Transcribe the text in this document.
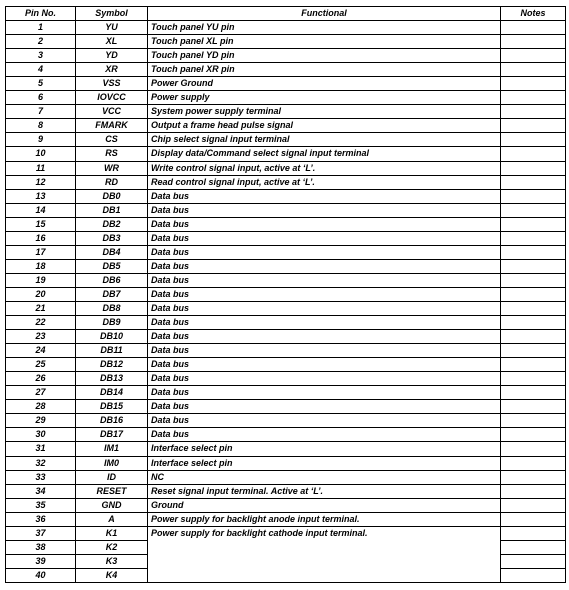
Pin No.	Symbol	Functional	Notes
1	YU	Touch panel YU pin	
2	XL	Touch panel XL pin	
3	YD	Touch panel YD pin	
4	XR	Touch panel XR pin	
5	VSS	Power Ground	
6	IOVCC	Power supply	
7	VCC	System power supply terminal	
8	FMARK	Output a frame head pulse signal	
9	CS	Chip select signal input terminal	
10	RS	Display data/Command select signal input terminal	
11	WR	Write control signal input, active at ‘L’.	
12	RD	Read control signal input, active at ‘L’.	
13	DB0	Data bus	
14	DB1	Data bus	
15	DB2	Data bus	
16	DB3	Data bus	
17	DB4	Data bus	
18	DB5	Data bus	
19	DB6	Data bus	
20	DB7	Data bus	
21	DB8	Data bus	
22	DB9	Data bus	
23	DB10	Data bus	
24	DB11	Data bus	
25	DB12	Data bus	
26	DB13	Data bus	
27	DB14	Data bus	
28	DB15	Data bus	
29	DB16	Data bus	
30	DB17	Data bus	
31	IM1	Interface select pin	
32	IM0	Interface select pin	
33	ID	NC	
34	RESET	Reset signal input terminal. Active at ‘L’.	
35	GND	Ground	
36	A	Power supply for backlight anode input terminal.	
37	K1	Power supply for backlight cathode input terminal.	
38	K2		
39	K3		
40	K4		
